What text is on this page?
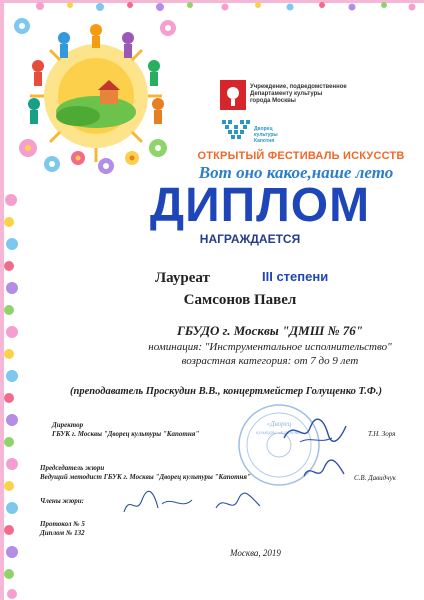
Учреждение, подведомственное
Департаменту культуры
города Москвы
Дворец
культуры
Капотня
ОТКРЫТЫЙ ФЕСТИВАЛЬ ИСКУССТВ
Вот оно какое,наше лето
ДИПЛОМ
НАГРАЖДАЕТСЯ
Лауреат	III степени
Самсонов Павел
ГБУДО г. Москвы "ДМШ № 76"
номинация: "Инструментальное исполнительство"
возрастная категория: от 7 до 9 лет
(преподаватель Проскудин В.В., концертмейстер Голущенко Т.Ф.)
«Дворец
культуры «Капотня»
Директор
ГБУК г. Москвы "Дворец культуры "Капотня"	Т.Н. Зоря
Председатель жюри
Ведущий методист ГБУК г. Москвы "Дворец культуры "Капотня"	С.В. Давидчук
Члены жюри:
Протокол № 5
Диплом № 132
Москва, 2019
